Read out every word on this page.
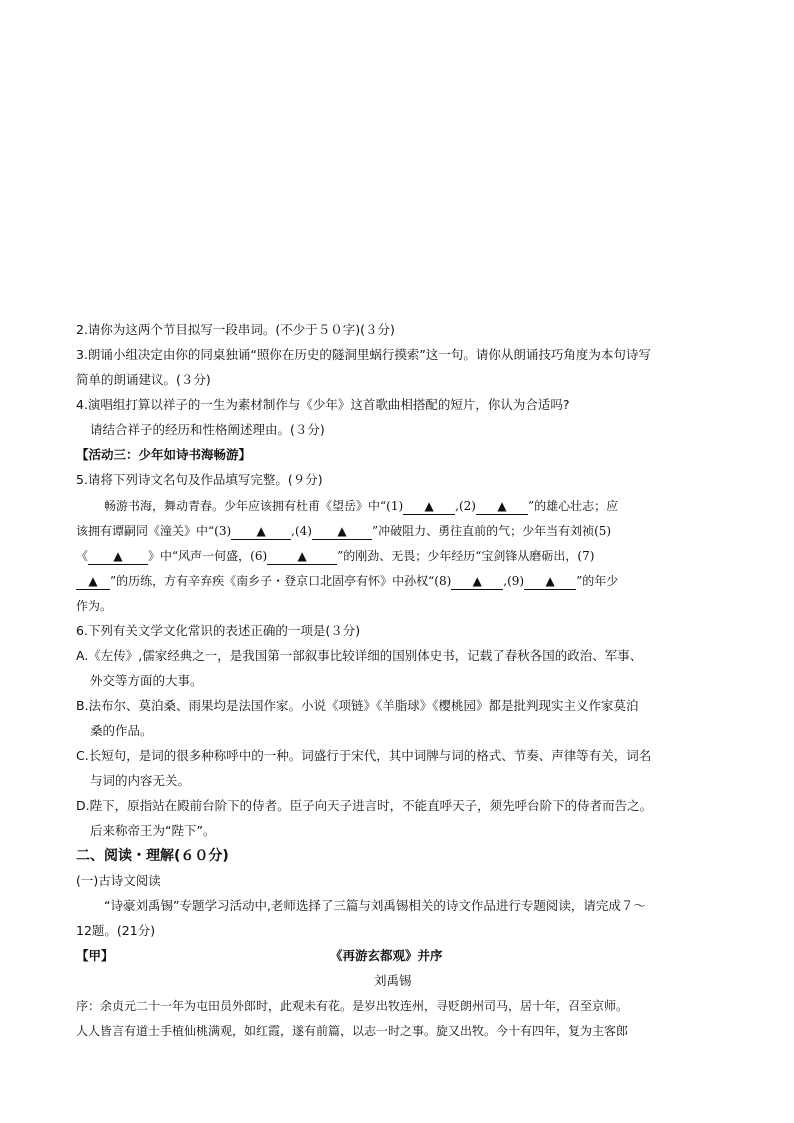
2.请你为这两个节目拟写一段串词。(不少于５０字)(３分)
3.朗诵小组决定由你的同桌独诵“照你在历史的隧洞里蜗行摸索”这一句。请你从朗诵技巧角度为本句诗写
简单的朗诵建议。(３分)
4.演唱组打算以祥子的一生为素材制作与《少年》这首歌曲相搭配的短片，你认为合适吗?
请结合祥子的经历和性格阐述理由。(３分)
【活动三：少年如诗书海畅游】
5.请将下列诗文名句及作品填写完整。(９分)
畅游书海，舞动青春。少年应该拥有杜甫《望岳》中“(1) ▲ ,(2) ▲ ”的雄心壮志；应
该拥有谭嗣同《潼关》中“(3) ▲ ,(4) ▲ ”冲破阻力、勇往直前的气；少年当有刘祯(5)
《 ▲ 》中“风声一何盛，(6)	▲	”的刚劲、无畏；少年经历“宝剑锋从磨砺出，(7)
▲ ”的历练，方有辛弃疾《南乡子・登京口北固亭有怀》中孙权“(8) ▲ ,(9) ▲ ”的年少
作为。
6.下列有关文学文化常识的表述正确的一项是(３分)
A.《左传》,儒家经典之一，是我国第一部叙事比较详细的国别体史书，记载了春秋各国的政治、军事、
外交等方面的大事。
B.法布尔、莫泊桑、雨果均是法国作家。小说《项链》《羊脂球》《樱桃园》都是批判现实主义作家莫泊
桑的作品。
C.长短句，是词的很多种称呼中的一种。词盛行于宋代，其中词牌与词的格式、节奏、声律等有关，词名
与词的内容无关。
D.陛下，原指站在殿前台阶下的侍者。臣子向天子进言时，不能直呼天子，须先呼台阶下的侍者而告之。
后来称帝王为“陛下”。
二、阅读・理解(６０分)
(一)古诗文阅读
“诗豪刘禹锡”专题学习活动中,老师选择了三篇与刘禹锡相关的诗文作品进行专题阅读，请完成７～
12题。(21分)
【甲】	《再游玄都观》并序
刘禹锡
序：余贞元二十一年为屯田员外郎时，此观未有花。是岁出牧连州，寻贬朗州司马，居十年，召至京师。
人人皆言有道士手植仙桃满观，如红霞，遂有前篇，以志一时之事。旋又出牧。今十有四年，复为主客郎
